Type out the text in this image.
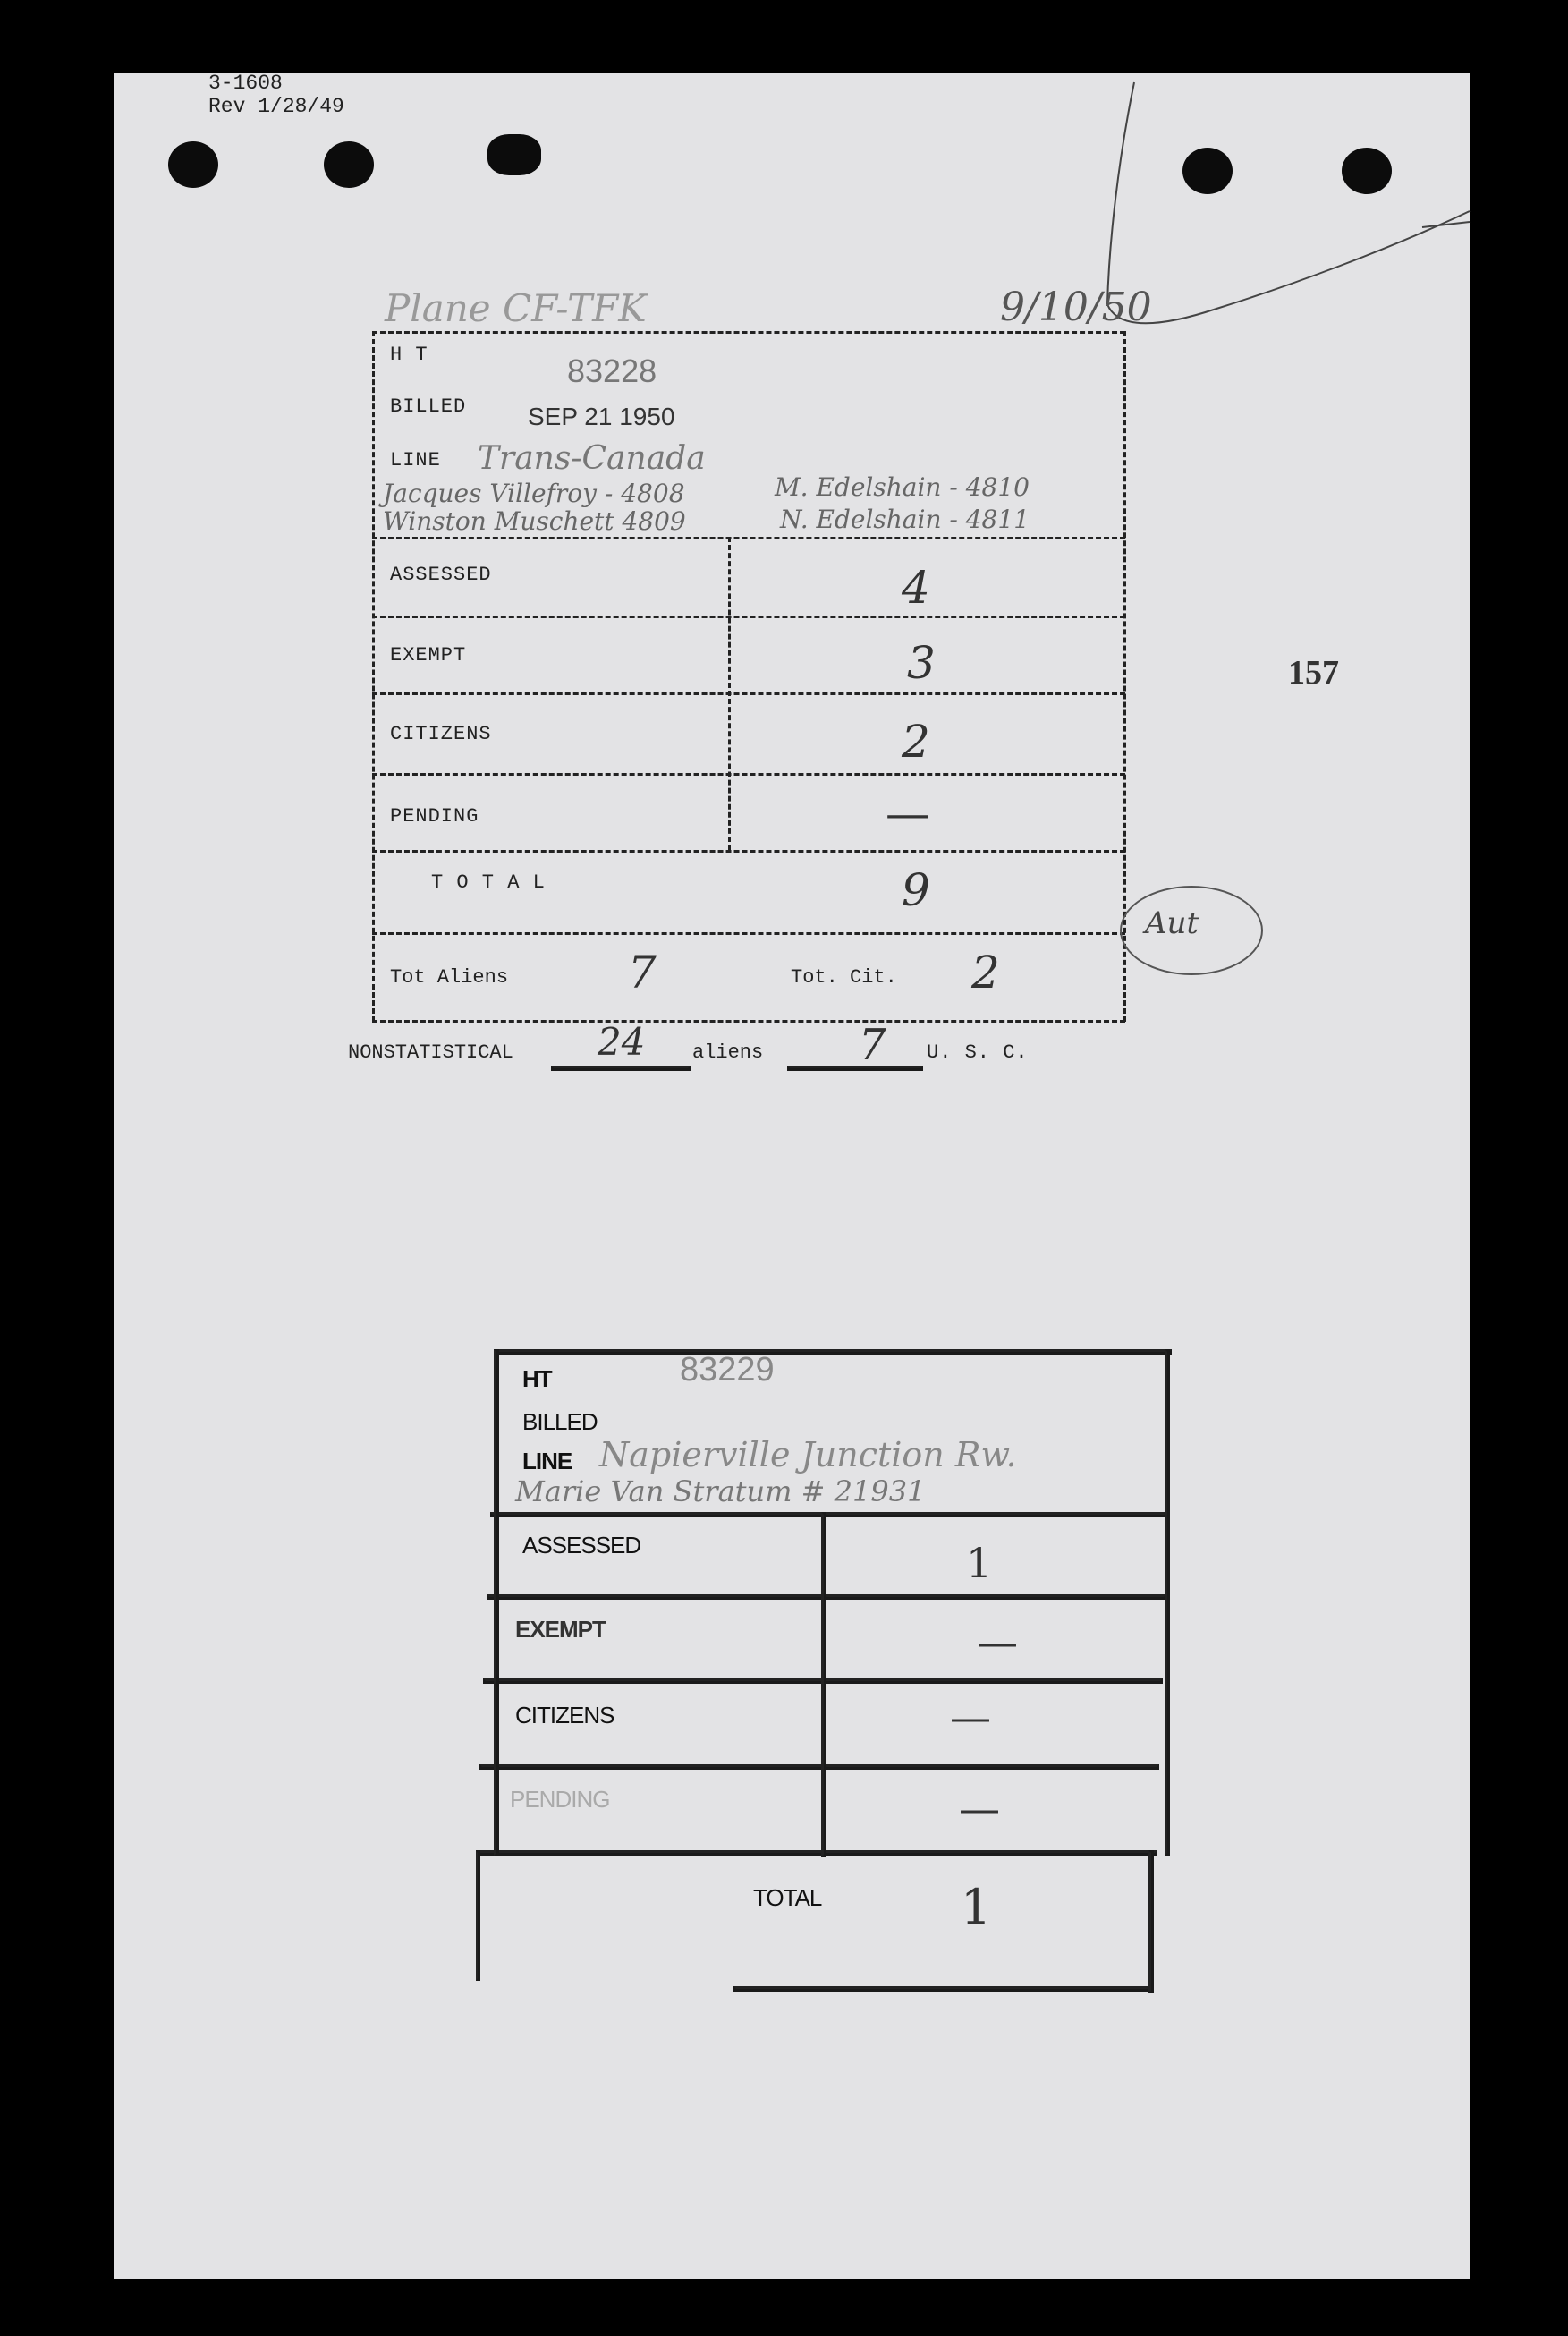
3-1608
Rev 1/28/49
157
Plane CF-TFK	9/10/50
H T	83228
BILLED SEP 21 1950
LINE Trans-Canada
Jacques Villefroy - 4808	M. Edelshain - 4810
Winston Muschett 4809	N. Edelshain - 4811
ASSESSED	4
EXEMPT	3
CITIZENS	2
PENDING	—
T O T A L	9
Tot Aliens	7	Tot. Cit. 2
Aut
NONSTATISTICAL 24 aliens 7 U. S. C.
HT	83229
BILLED
LINE Napierville Junction Rw.
Marie Van Stratum # 21931
ASSESSED	1
EXEMPT	—
CITIZENS	—
PENDING	—
TOTAL	1
